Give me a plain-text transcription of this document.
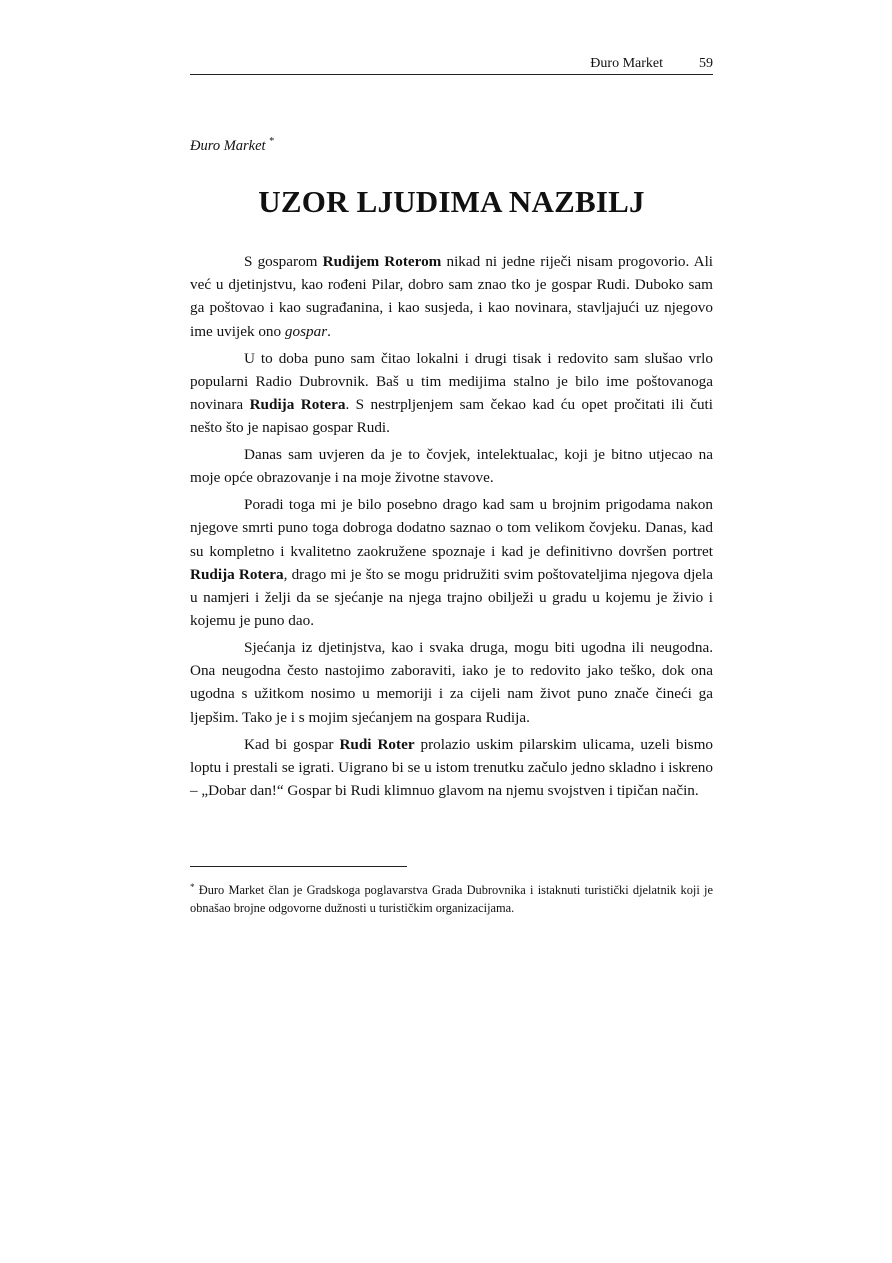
Đuro Market	59
Đuro Market *
UZOR LJUDIMA NAZBILJ

S gosparom Rudijem Roterom nikad ni jedne riječi nisam progovorio. Ali već u djetinjstvu, kao rođeni Pilar, dobro sam znao tko je gospar Rudi. Duboko sam ga poštovao i kao sugrađanina, i kao susjeda, i kao novinara, stavljajući uz njegovo ime uvijek ono gospar.

U to doba puno sam čitao lokalni i drugi tisak i redovito sam slušao vrlo popularni Radio Dubrovnik. Baš u tim medijima stalno je bilo ime poštovanoga novinara Rudija Rotera. S nestrpljenjem sam čekao kad ću opet pročitati ili čuti nešto što je napisao gospar Rudi.

Danas sam uvjeren da je to čovjek, intelektualac, koji je bitno utjecao na moje opće obrazovanje i na moje životne stavove.

Poradi toga mi je bilo posebno drago kad sam u brojnim prigodama nakon njegove smrti puno toga dobroga dodatno saznao o tom velikom čovjeku. Danas, kad su kompletno i kvalitetno zaokružene spoznaje i kad je definitivno dovršen portret Rudija Rotera, drago mi je što se mogu pridružiti svim poštovateljima njegova djela u namjeri i želji da se sjećanje na njega trajno obilježi u gradu u kojemu je živio i kojemu je puno dao.

Sjećanja iz djetinjstva, kao i svaka druga, mogu biti ugodna ili neugodna. Ona neugodna često nastojimo zaboraviti, iako je to redovito jako teško, dok ona ugodna s užitkom nosimo u memoriji i za cijeli nam život puno znače čineći ga ljepšim. Tako je i s mojim sjećanjem na gospara Rudija.

Kad bi gospar Rudi Roter prolazio uskim pilarskim ulicama, uzeli bismo loptu i prestali se igrati. Uigrano bi se u istom trenutku začulo jedno skladno i iskreno – „Dobar dan!“ Gospar bi Rudi klimnuo glavom na njemu svojstven i tipičan način.

* Đuro Market član je Gradskoga poglavarstva Grada Dubrovnika i istaknuti turistički djelatnik koji je obnašao brojne odgovorne dužnosti u turističkim organizacijama.
